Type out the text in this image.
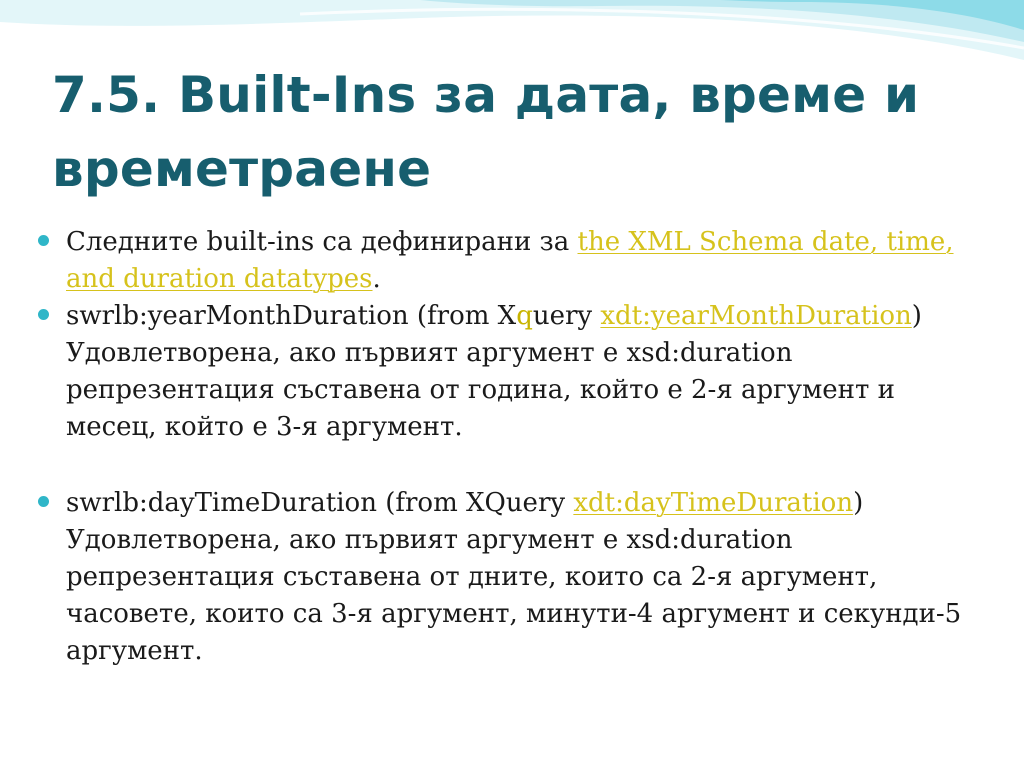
7.5. Built-Ins за дата, време и
времетраене

Следните built-ins са дефинирани за the XML Schema date, time, and duration datatypes.

swrlb:yearMonthDuration (from Xquery xdt:yearMonthDuration) Удовлетворена, ако първият аргумент е xsd:duration репрезентация съставена от година, който е 2-я аргумент и месец, който е 3-я аргумент.

swrlb:dayTimeDuration (from XQuery xdt:dayTimeDuration) Удовлетворена, ако първият аргумент е xsd:duration репрезентация съставена от дните, които са 2-я аргумент, часовете, които са 3-я аргумент, минути-4 аргумент и секунди-5 аргумент.
